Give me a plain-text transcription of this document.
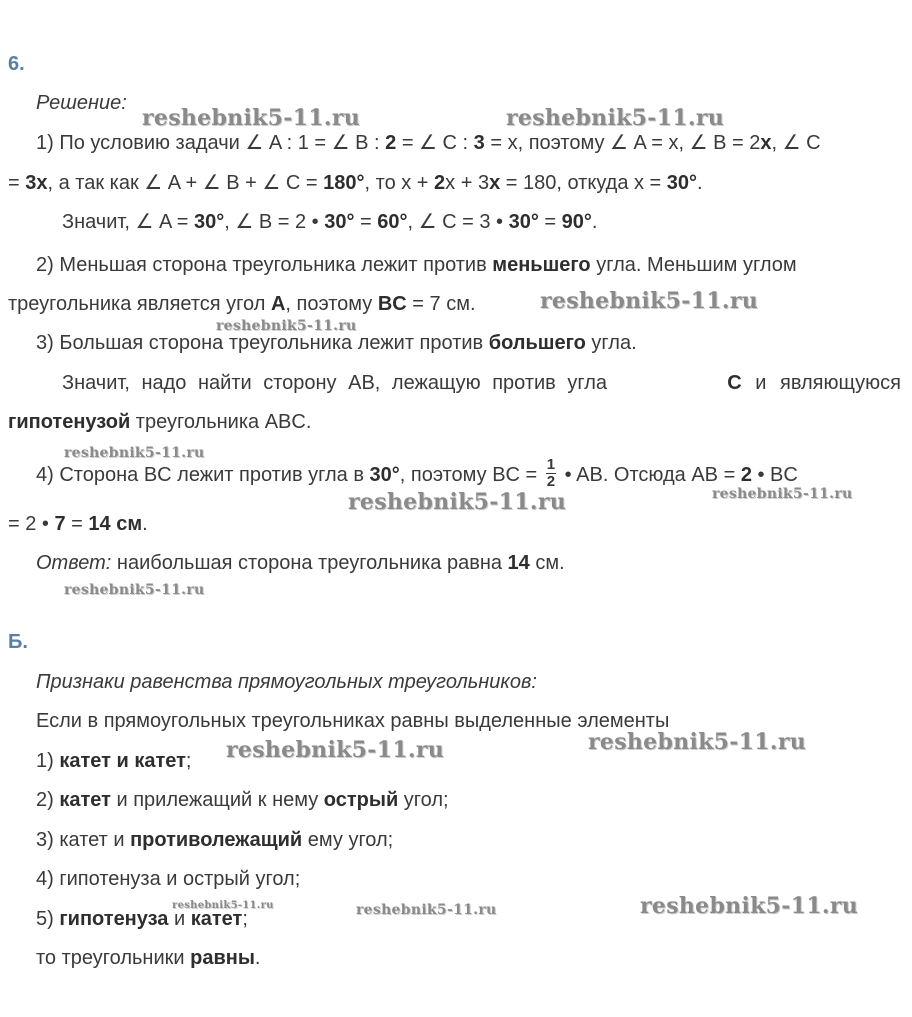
6.
Решение:
1) По условию задачи ∠ A : 1 = ∠ B : 2 = ∠ C : 3 = x, поэтому ∠ A = x, ∠ B = 2x, ∠ C
= 3x, а так как ∠ A + ∠ B + ∠ C = 180°, то x + 2x + 3x = 180, откуда x = 30°.
Значит, ∠ A = 30°, ∠ B = 2 • 30° = 60°, ∠ C = 3 • 30° = 90°.
2) Меньшая сторона треугольника лежит против меньшего угла. Меньшим углом
треугольника является угол A, поэтому BC = 7 см.
3) Большая сторона треугольника лежит против большего угла.
Значит, надо найти сторону AB, лежащую против угла	C и являющуюся
гипотенузой треугольника ABC.
4) Сторона BC лежит против угла в 30°, поэтому BC = $\frac{1}{2}$ • AB. Отсюда AB = 2 • BC
= 2 • 7 = 14 см.
Ответ: наибольшая сторона треугольника равна 14 см.
Б.
Признаки равенства прямоугольных треугольников:
Если в прямоугольных треугольниках равны выделенные элементы
1) катет и катет;
2) катет и прилежащий к нему острый угол;
3) катет и противолежащий ему угол;
4) гипотенуза и острый угол;
5) гипотенуза и катет;
то треугольники равны.
reshebnik5-11.ru	reshebnik5-11.ru
reshebnik5-11.ru
reshebnik5-11.ru
reshebnik5-11.ru
reshebnik5-11.ru	reshebnik5-11.ru
reshebnik5-11.ru
reshebnik5-11.ru	reshebnik5-11.ru
reshebnik5-11.ru	reshebnik5-11.ru	reshebnik5-11.ru
